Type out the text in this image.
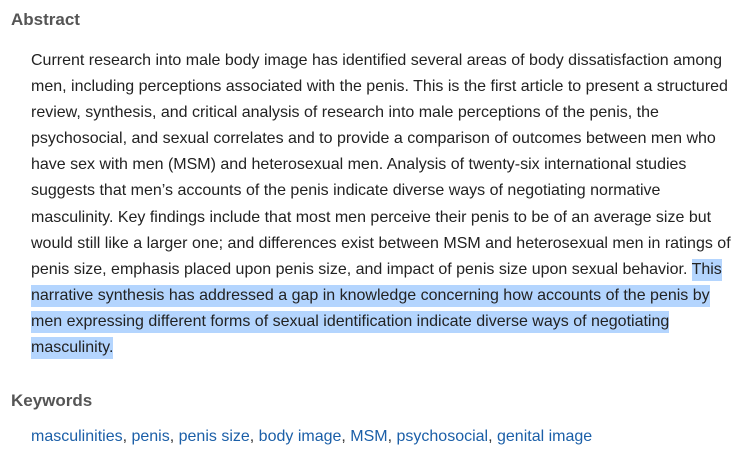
Abstract

Current research into male body image has identified several areas of body dissatisfaction among men, including perceptions associated with the penis. This is the first article to present a structured review, synthesis, and critical analysis of research into male perceptions of the penis, the psychosocial, and sexual correlates and to provide a comparison of outcomes between men who have sex with men (MSM) and heterosexual men. Analysis of twenty-six international studies suggests that men’s accounts of the penis indicate diverse ways of negotiating normative masculinity. Key findings include that most men perceive their penis to be of an average size but would still like a larger one; and differences exist between MSM and heterosexual men in ratings of penis size, emphasis placed upon penis size, and impact of penis size upon sexual behavior. This narrative synthesis has addressed a gap in knowledge concerning how accounts of the penis by men expressing different forms of sexual identification indicate diverse ways of negotiating masculinity.

Keywords

masculinities, penis, penis size, body image, MSM, psychosocial, genital image
